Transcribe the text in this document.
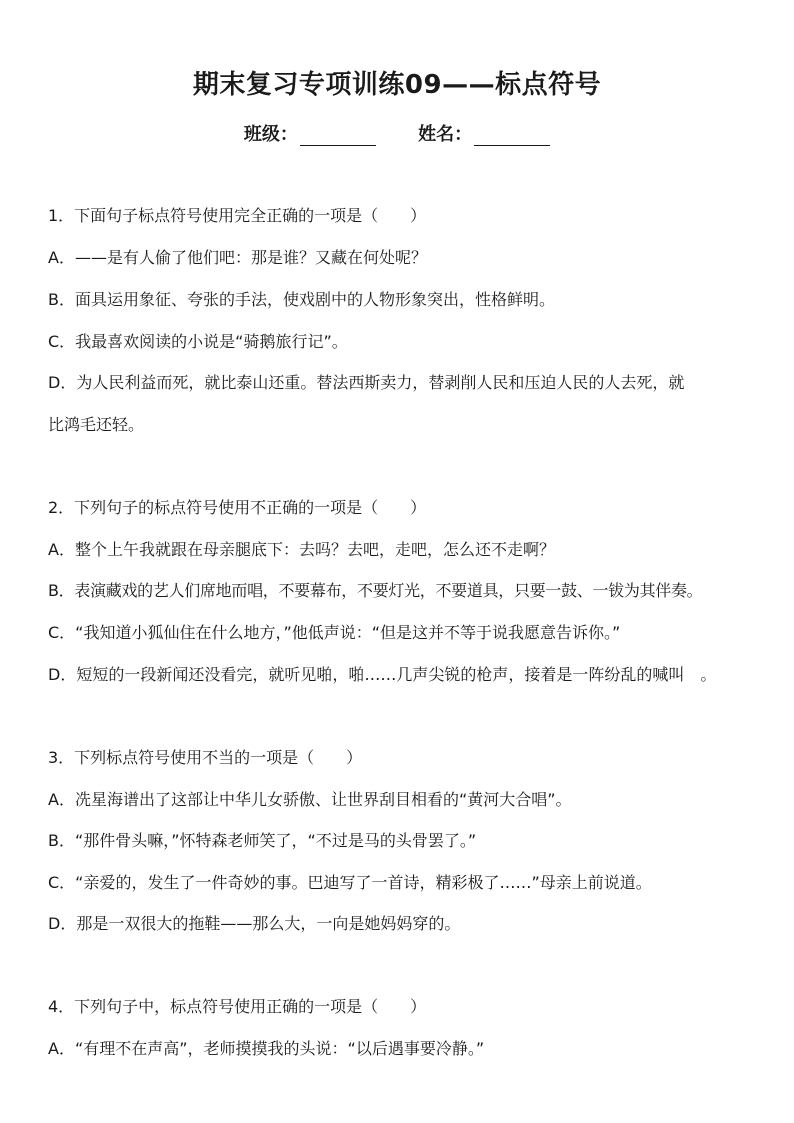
期末复习专项训练09——标点符号
班级：	姓名：
1．下面句子标点符号使用完全正确的一项是（　　）
A．——是有人偷了他们吧：那是谁？又藏在何处呢？
B．面具运用象征、夸张的手法，使戏剧中的人物形象突出，性格鲜明。
C．我最喜欢阅读的小说是“骑鹅旅行记”。
D．为人民利益而死，就比泰山还重。替法西斯卖力，替剥削人民和压迫人民的人去死，就
比鸿毛还轻。
2．下列句子的标点符号使用不正确的一项是（　　）
A．整个上午我就跟在母亲腿底下：去吗？去吧，走吧，怎么还不走啊？
B．表演藏戏的艺人们席地而唱，不要幕布，不要灯光，不要道具，只要一鼓、一钹为其伴奏。
C．“我知道小狐仙住在什么地方，”他低声说：“但是这并不等于说我愿意告诉你。”
D．短短的一段新闻还没看完，就听见啪，啪……几声尖锐的枪声，接着是一阵纷乱的喊叫　。
3．下列标点符号使用不当的一项是（　　）
A．冼星海谱出了这部让中华儿女骄傲、让世界刮目相看的“黄河大合唱”。
B．“那件骨头嘛，”怀特森老师笑了，“不过是马的头骨罢了。”
C．“亲爱的，发生了一件奇妙的事。巴迪写了一首诗，精彩极了……”母亲上前说道。
D．那是一双很大的拖鞋——那么大，一向是她妈妈穿的。
4．下列句子中，标点符号使用正确的一项是（　　）
A．“有理不在声高”，老师摸摸我的头说：“以后遇事要冷静。”
